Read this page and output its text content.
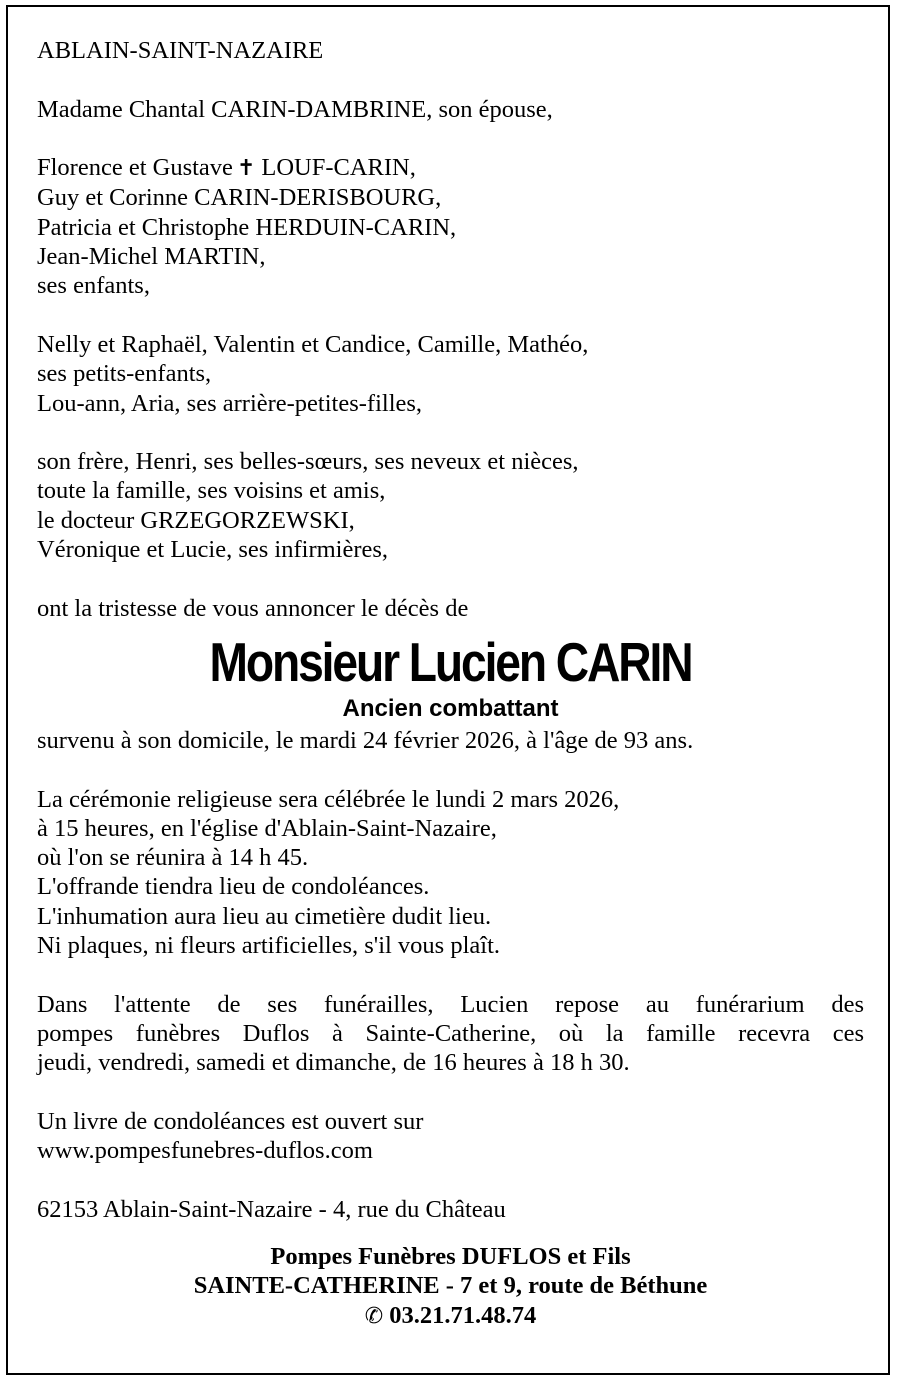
ABLAIN-SAINT-NAZAIRE
Madame Chantal CARIN-DAMBRINE, son épouse,
Florence et Gustave ✝ LOUF-CARIN,
Guy et Corinne CARIN-DERISBOURG,
Patricia et Christophe HERDUIN-CARIN,
Jean-Michel MARTIN,
ses enfants,
Nelly et Raphaël, Valentin et Candice, Camille, Mathéo,
ses petits-enfants,
Lou-ann, Aria, ses arrière-petites-filles,
son frère, Henri, ses belles-sœurs, ses neveux et nièces,
toute la famille, ses voisins et amis,
le docteur GRZEGORZEWSKI,
Véronique et Lucie, ses infirmières,
ont la tristesse de vous annoncer le décès de
Monsieur Lucien CARIN
Ancien combattant
survenu à son domicile, le mardi 24 février 2026, à l'âge de 93 ans.
La cérémonie religieuse sera célébrée le lundi 2 mars 2026,
à 15 heures, en l'église d'Ablain-Saint-Nazaire,
où l'on se réunira à 14 h 45.
L'offrande tiendra lieu de condoléances.
L'inhumation aura lieu au cimetière dudit lieu.
Ni plaques, ni fleurs artificielles, s'il vous plaît.
Dans l'attente de ses funérailles, Lucien repose au funérarium des
pompes funèbres Duflos à Sainte-Catherine, où la famille recevra ces
jeudi, vendredi, samedi et dimanche, de 16 heures à 18 h 30.
Un livre de condoléances est ouvert sur
www.pompesfunebres-duflos.com
62153 Ablain-Saint-Nazaire - 4, rue du Château
Pompes Funèbres DUFLOS et Fils
SAINTE-CATHERINE - 7 et 9, route de Béthune
✆ 03.21.71.48.74
